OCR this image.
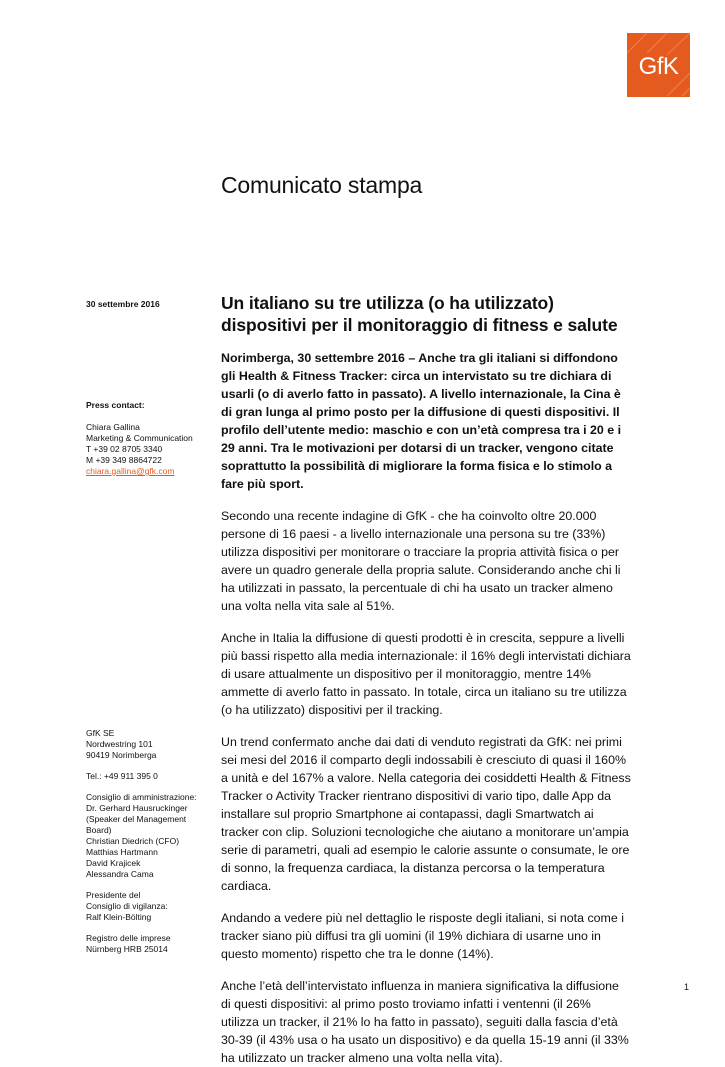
GfK
Comunicato stampa
30 settembre 2016
Press contact:
Chiara Gallina
Marketing & Communication
T +39 02 8705 3340
M +39 349 8864722
chiara.gallina@gfk.com
GfK SE
Nordwestring 101
90419 Norimberga
Tel.: +49 911 395 0
Consiglio di amministrazione:
Dr. Gerhard Hausruckinger
(Speaker del Management
Board)
Christian Diedrich (CFO)
Matthias Hartmann
David Krajicek
Alessandra Cama
Presidente del
Consiglio di vigilanza:
Ralf Klein-Bölting
Registro delle imprese
Nürnberg HRB 25014
Un italiano su tre utilizza (o ha utilizzato) dispositivi per il monitoraggio di fitness e salute

Norimberga, 30 settembre 2016 – Anche tra gli italiani si diffondono gli Health & Fitness Tracker: circa un intervistato su tre dichiara di usarli (o di averlo fatto in passato). A livello internazionale, la Cina è di gran lunga al primo posto per la diffusione di questi dispositivi. Il profilo dell’utente medio: maschio e con un’età compresa tra i 20 e i 29 anni. Tra le motivazioni per dotarsi di un tracker, vengono citate soprattutto la possibilità di migliorare la forma fisica e lo stimolo a fare più sport.

Secondo una recente indagine di GfK - che ha coinvolto oltre 20.000 persone di 16 paesi - a livello internazionale una persona su tre (33%) utilizza dispositivi per monitorare o tracciare la propria attività fisica o per avere un quadro generale della propria salute. Considerando anche chi li ha utilizzati in passato, la percentuale di chi ha usato un tracker almeno una volta nella vita sale al 51%.

Anche in Italia la diffusione di questi prodotti è in crescita, seppure a livelli più bassi rispetto alla media internazionale: il 16% degli intervistati dichiara di usare attualmente un dispositivo per il monitoraggio, mentre 14% ammette di averlo fatto in passato. In totale, circa un italiano su tre utilizza (o ha utilizzato) dispositivi per il tracking.

Un trend confermato anche dai dati di venduto registrati da GfK: nei primi sei mesi del 2016 il comparto degli indossabili è cresciuto di quasi il 160% a unità e del 167% a valore. Nella categoria dei cosiddetti Health & Fitness Tracker o Activity Tracker rientrano dispositivi di vario tipo, dalle App da installare sul proprio Smartphone ai contapassi, dagli Smartwatch ai tracker con clip. Soluzioni tecnologiche che aiutano a monitorare un’ampia serie di parametri, quali ad esempio le calorie assunte o consumate, le ore di sonno, la frequenza cardiaca, la distanza percorsa o la temperatura cardiaca.

Andando a vedere più nel dettaglio le risposte degli italiani, si nota come i tracker siano più diffusi tra gli uomini (il 19% dichiara di usarne uno in questo momento) rispetto che tra le donne (14%).

Anche l’età dell’intervistato influenza in maniera significativa la diffusione di questi dispositivi: al primo posto troviamo infatti i ventenni (il 26% utilizza un tracker, il 21% lo ha fatto in passato), seguiti dalla fascia d’età 30-39 (il 43% usa o ha usato un dispositivo) e da quella 15-19 anni (il 33% ha utilizzato un tracker almeno una volta nella vita).

1
